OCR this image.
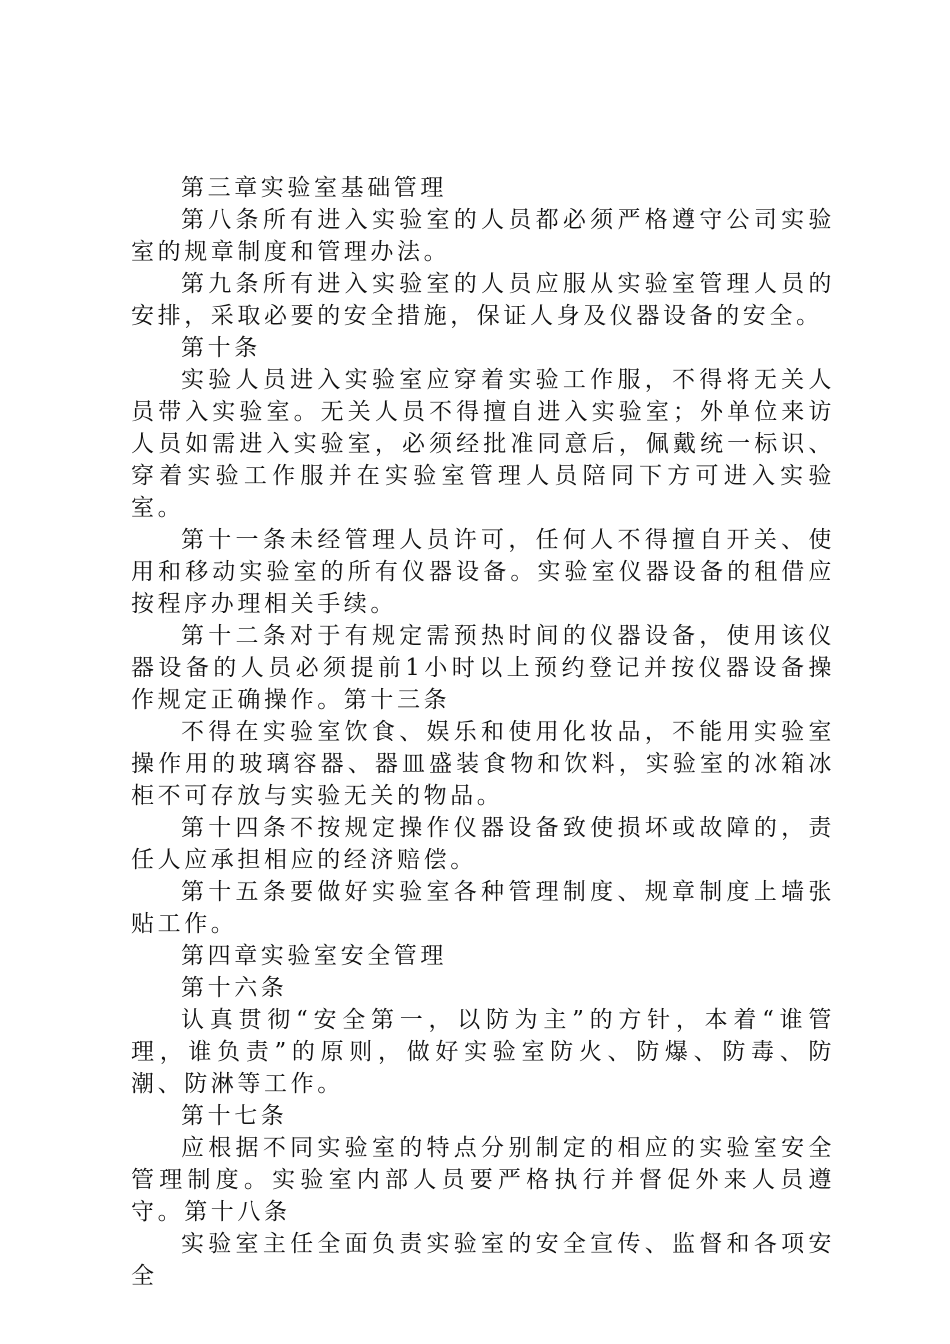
第三章实验室基础管理

第八条所有进入实验室的人员都必须严格遵守公司实验室的规章制度和管理办法。

第九条所有进入实验室的人员应服从实验室管理人员的安排，采取必要的安全措施，保证人身及仪器设备的安全。

第十条

实验人员进入实验室应穿着实验工作服，不得将无关人员带入实验室。无关人员不得擅自进入实验室；外单位来访人员如需进入实验室，必须经批准同意后，佩戴统一标识、穿着实验工作服并在实验室管理人员陪同下方可进入实验室。

第十一条未经管理人员许可，任何人不得擅自开关、使用和移动实验室的所有仪器设备。实验室仪器设备的租借应按程序办理相关手续。

第十二条对于有规定需预热时间的仪器设备，使用该仪器设备的人员必须提前1小时以上预约登记并按仪器设备操作规定正确操作。第十三条

不得在实验室饮食、娱乐和使用化妆品，不能用实验室操作用的玻璃容器、器皿盛装食物和饮料，实验室的冰箱冰柜不可存放与实验无关的物品。

第十四条不按规定操作仪器设备致使损坏或故障的，责任人应承担相应的经济赔偿。

第十五条要做好实验室各种管理制度、规章制度上墙张贴工作。

第四章实验室安全管理

第十六条

认真贯彻“安全第一，以防为主”的方针，本着“谁管理，谁负责”的原则，做好实验室防火、防爆、防毒、防潮、防淋等工作。

第十七条

应根据不同实验室的特点分别制定的相应的实验室安全管理制度。实验室内部人员要严格执行并督促外来人员遵守。第十八条

实验室主任全面负责实验室的安全宣传、监督和各项安全
